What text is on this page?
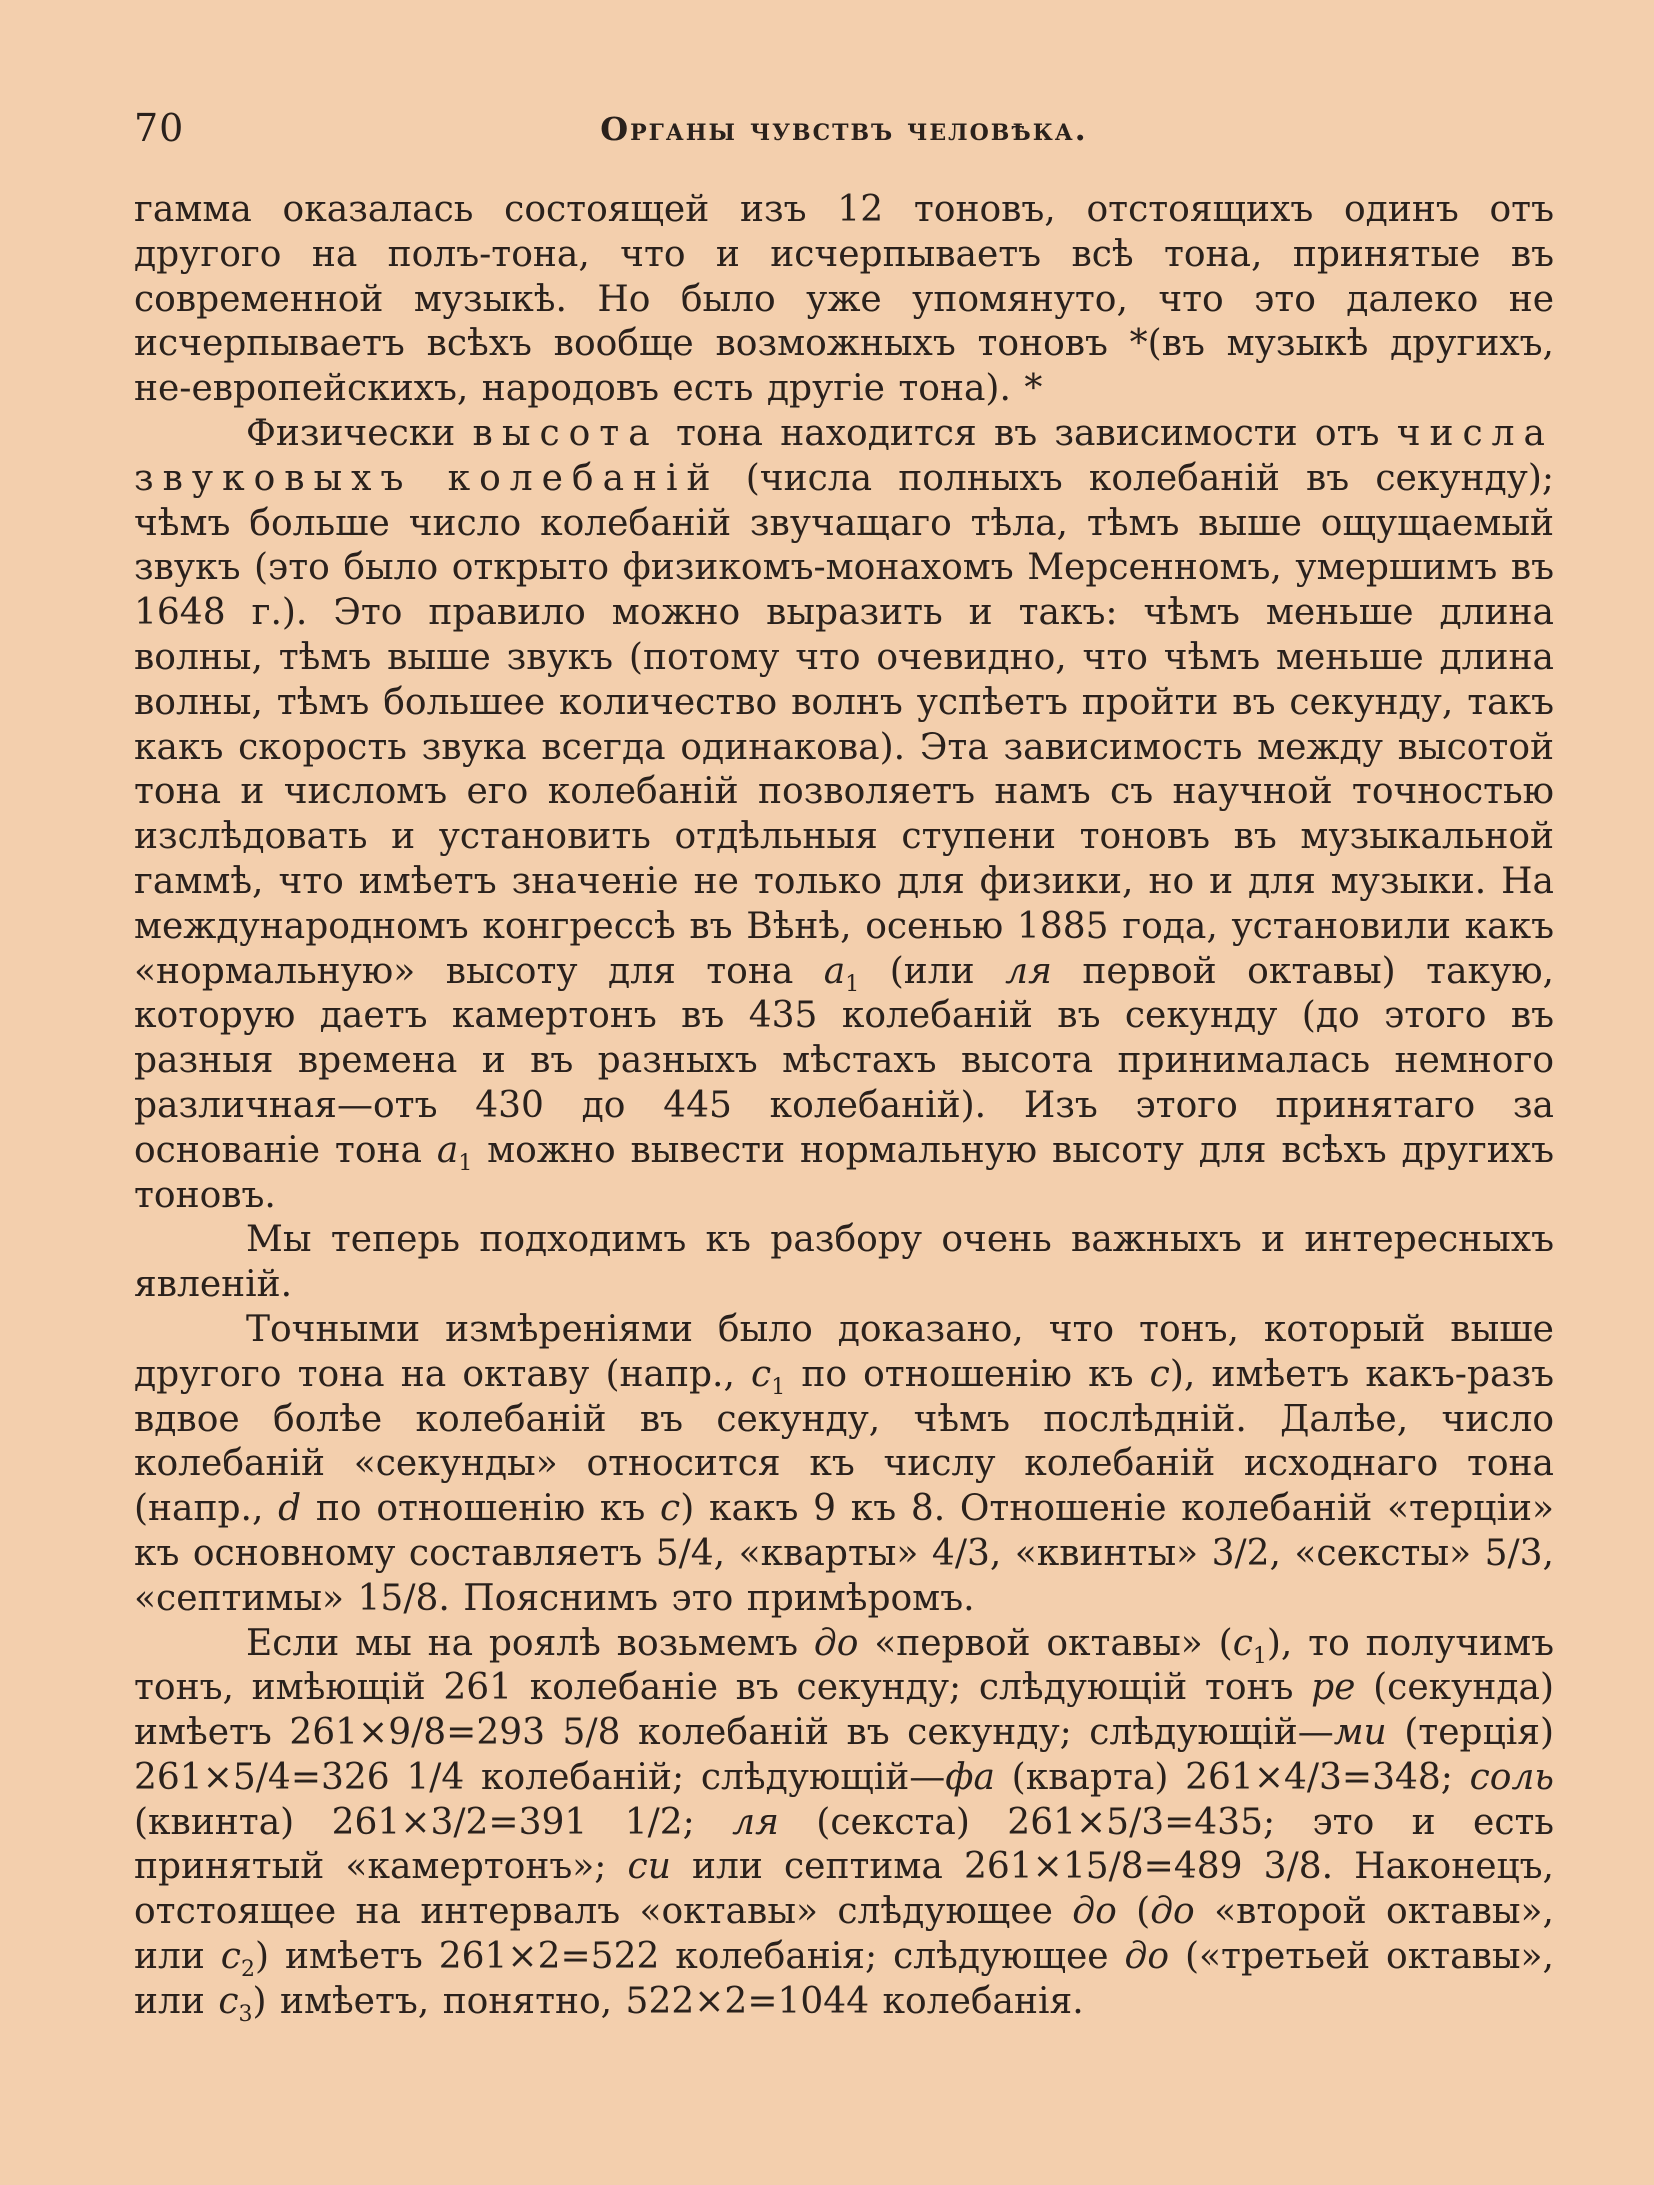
70	Органы чувствъ человѣка.

гамма оказалась состоящей изъ 12 тоновъ, отстоящихъ одинъ отъ другого на полъ-тона, что и исчерпываетъ всѣ тона, принятые въ современной музыкѣ. Но было уже упомянуто, что это далеко не исчерпываетъ всѣхъ вообще возможныхъ тоновъ *(въ музыкѣ другихъ, не-европейскихъ, народовъ есть другіе тона). *

Физически высота тона находится въ зависимости отъ числа звуковыхъ колебаній (числа полныхъ колебаній въ секунду); чѣмъ больше число колебаній звучащаго тѣла, тѣмъ выше ощущаемый звукъ (это было открыто физикомъ-монахомъ Мерсенномъ, умершимъ въ 1648 г.). Это правило можно выразить и такъ: чѣмъ меньше длина волны, тѣмъ выше звукъ (потому что очевидно, что чѣмъ меньше длина волны, тѣмъ большее количество волнъ успѣетъ пройти въ секунду, такъ какъ скорость звука всегда одинакова). Эта зависимость между высотой тона и числомъ его колебаній позволяетъ намъ съ научной точностью изслѣдовать и установить отдѣльныя ступени тоновъ въ музыкальной гаммѣ, что имѣетъ значеніе не только для физики, но и для музыки. На международномъ конгрессѣ въ Вѣнѣ, осенью 1885 года, установили какъ «нормальную» высоту для тона $a_1$ (или ля первой октавы) такую, которую даетъ камертонъ въ 435 колебаній въ секунду (до этого въ разныя времена и въ разныхъ мѣстахъ высота принималась немного различная—отъ 430 до 445 колебаній). Изъ этого принятаго за основаніе тона $a_1$ можно вывести нормальную высоту для всѣхъ другихъ тоновъ.

Мы теперь подходимъ къ разбору очень важныхъ и интересныхъ явленій.

Точными измѣреніями было доказано, что тонъ, который выше другого тона на октаву (напр., $c_1$ по отношенію къ c), имѣетъ какъ-разъ вдвое болѣе колебаній въ секунду, чѣмъ послѣдній. Далѣе, число колебаній «секунды» относится къ числу колебаній исходнаго тона (напр., d по отношенію къ c) какъ 9 къ 8. Отношеніе колебаній «терціи» къ основному составляетъ 5/4, «кварты» 4/3, «квинты» 3/2, «сексты» 5/3, «септимы» 15/8. Пояснимъ это примѣромъ.

Если мы на роялѣ возьмемъ до «первой октавы» $(c_1)$, то получимъ тонъ, имѣющій 261 колебаніе въ секунду; слѣдующій тонъ ре (секунда) имѣетъ 261×9/8=293 5/8 колебаній въ секунду; слѣдующій—ми (терція) 261×5/4=326 1/4 колебаній; слѣдующій—фа (кварта) 261×4/3=348; соль (квинта) 261×3/2=391 1/2; ля (секста) 261×5/3=435; это и есть принятый «камертонъ»; си или септима 261×15/8=489 3/8. Наконецъ, отстоящее на интервалъ «октавы» слѣдующее до (до «второй октавы», или $c_2$) имѣетъ 261×2=522 колебанія; слѣдующее до («третьей октавы», или $c_3$) имѣетъ, понятно, 522×2=1044 колебанія.
